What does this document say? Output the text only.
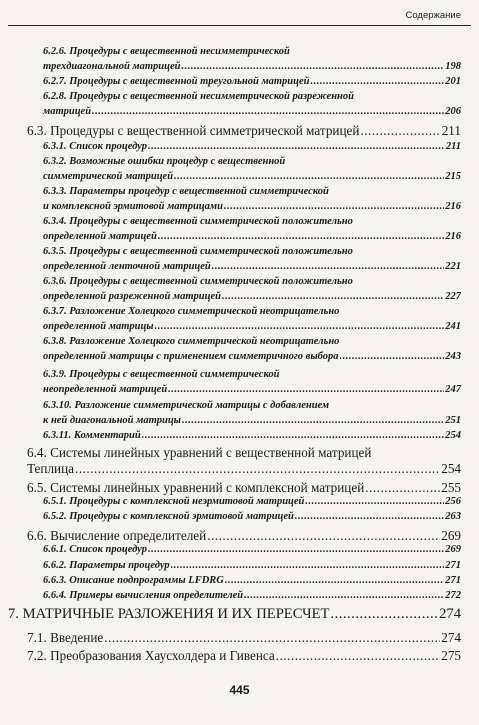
Содержание
6.2.6. Процедуры с вещественной несимметрической
трехдиагональной матрицей .....	198
6.2.7. Процедуры с вещественной треугольной матрицей .....	201
6.2.8. Процедуры с вещественной несимметрической разреженной
матрицей .....	206
6.3. Процедуры с вещественной симметрической матрицей .....	211
6.3.1. Список процедур .....	211
6.3.2. Возможные ошибки процедур с вещественной
симметрической матрицей .....	215
6.3.3. Параметры процедур с вещественной симметрической
и комплексной эрмитовой матрицами .....	216
6.3.4. Процедуры с вещественной симметрической положительно
определенной матрицей .....	216
6.3.5. Процедуры с вещественной симметрической положительно
определенной ленточной матрицей .....	221
6.3.6. Процедуры с вещественной симметрической положительно
определенной разреженной матрицей .....	227
6.3.7. Разложение Холецкого симметрической неотрицательно
определенной матрицы .....	241
6.3.8. Разложение Холецкого симметрической неотрицательно
определенной матрицы с применением симметричного выбора .....	243
6.3.9. Процедуры с вещественной симметрической
неопределенной матрицей .....	247
6.3.10. Разложение симметрической матрицы с добавлением
к ней диагональной матрицы .....	251
6.3.11. Комментарий .....	254
6.4. Системы линейных уравнений с вещественной матрицей
Теплица .....	254
6.5. Системы линейных уравнений с комплексной матрицей .....	255
6.5.1. Процедуры с комплексной неэрмитовой матрицей .....	256
6.5.2. Процедуры с комплексной эрмитовой матрицей .....	263
6.6. Вычисление определителей .....	269
6.6.1. Список процедур .....	269
6.6.2. Параметры процедур .....	271
6.6.3. Описание подпрограммы LFDRG .....	271
6.6.4. Примеры вычисления определителей .....	272
7. МАТРИЧНЫЕ РАЗЛОЖЕНИЯ И ИХ ПЕРЕСЧЕТ .....	274
7.1. Введение .....	274
7.2. Преобразования Хаусхолдера и Гивенса .....	275
445
